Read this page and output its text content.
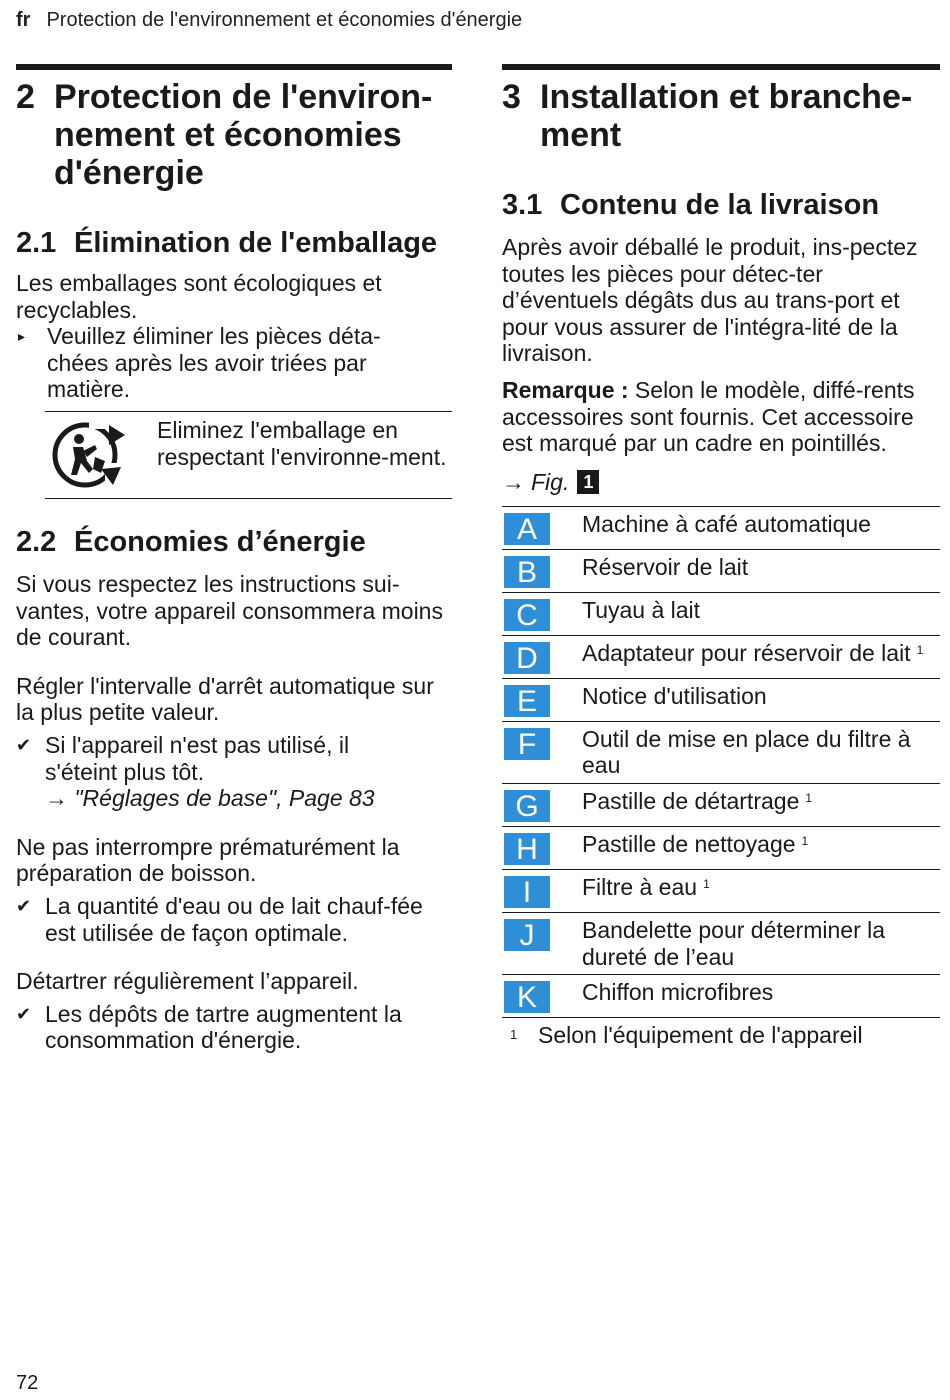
fr Protection de l'environnement et économies d'énergie
2 Protection de l'environ-nement et économies d'énergie
2.1 Élimination de l'emballage

Les emballages sont écologiques et recyclables.

▸ Veuillez éliminer les pièces déta-chées après les avoir triées par matière.
Eliminez l'emballage en respectant l'environne-ment.
2.2 Économies d’énergie

Si vous respectez les instructions sui-vantes, votre appareil consommera moins de courant.

Régler l'intervalle d'arrêt automatique sur la plus petite valeur.

✔ Si l'appareil n'est pas utilisé, il s'éteint plus tôt.
→ "Réglages de base", Page 83

Ne pas interrompre prématurément la préparation de boisson.

✔ La quantité d'eau ou de lait chauf-fée est utilisée de façon optimale.

Détartrer régulièrement l’appareil.

✔ Les dépôts de tartre augmentent la consommation d'énergie.
3 Installation et branche-ment
3.1 Contenu de la livraison

Après avoir déballé le produit, ins-pectez toutes les pièces pour détec-ter d’éventuels dégâts dus au trans-port et pour vous assurer de l'intégra-lité de la livraison.

Remarque : Selon le modèle, diffé-rents accessoires sont fournis. Cet accessoire est marqué par un cadre en pointillés.

→ Fig. 1
A	Machine à café automatique
B	Réservoir de lait
C	Tuyau à lait
D	Adaptateur pour réservoir de lait $^1$
E	Notice d'utilisation
F	Outil de mise en place du filtre à eau
G	Pastille de détartrage $^1$
H	Pastille de nettoyage $^1$
I	Filtre à eau $^1$
J	Bandelette pour déterminer la dureté de l’eau
K	Chiffon microfibres
1 Selon l'équipement de l'appareil
72
